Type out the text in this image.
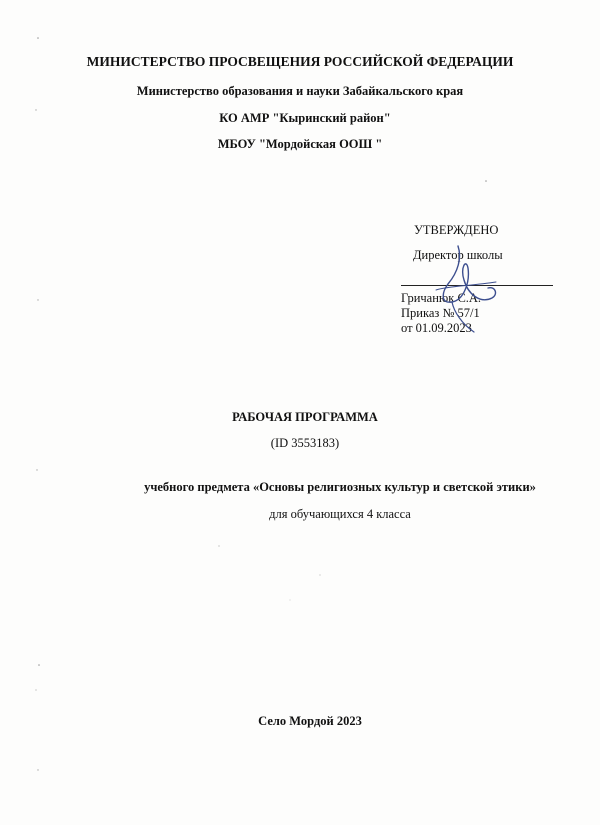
МИНИСТЕРСТВО ПРОСВЕЩЕНИЯ РОССИЙСКОЙ ФЕДЕРАЦИИ
Министерство образования и науки Забайкальского края
КО АМР "Кыринский район"
МБОУ "Мордойская ООШ "
УТВЕРЖДЕНО
Директор школы
Гричанюк С.А.
Приказ № 57/1
от 01.09.2023
РАБОЧАЯ ПРОГРАММА
(ID 3553183)
учебного предмета «Основы религиозных культур и светской этики»
для обучающихся 4 класса
Село Мордой 2023
